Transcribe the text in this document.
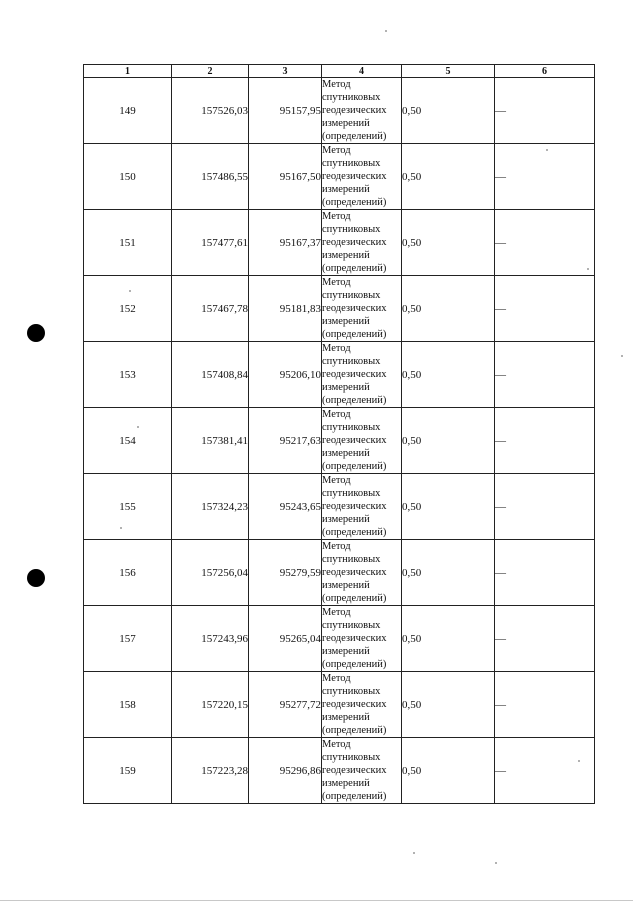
1	2	3	4	5	6
149	157526,03	95157,95	Метод
спутниковых
геодезических
измерений
(определений)	0,50	—
150	157486,55	95167,50	Метод
спутниковых
геодезических
измерений
(определений)	0,50	—
151	157477,61	95167,37	Метод
спутниковых
геодезических
измерений
(определений)	0,50	—
152	157467,78	95181,83	Метод
спутниковых
геодезических
измерений
(определений)	0,50	—
153	157408,84	95206,10	Метод
спутниковых
геодезических
измерений
(определений)	0,50	—
154	157381,41	95217,63	Метод
спутниковых
геодезических
измерений
(определений)	0,50	—
155	157324,23	95243,65	Метод
спутниковых
геодезических
измерений
(определений)	0,50	—
156	157256,04	95279,59	Метод
спутниковых
геодезических
измерений
(определений)	0,50	—
157	157243,96	95265,04	Метод
спутниковых
геодезических
измерений
(определений)	0,50	—
158	157220,15	95277,72	Метод
спутниковых
геодезических
измерений
(определений)	0,50	—
159	157223,28	95296,86	Метод
спутниковых
геодезических
измерений
(определений)	0,50	—
